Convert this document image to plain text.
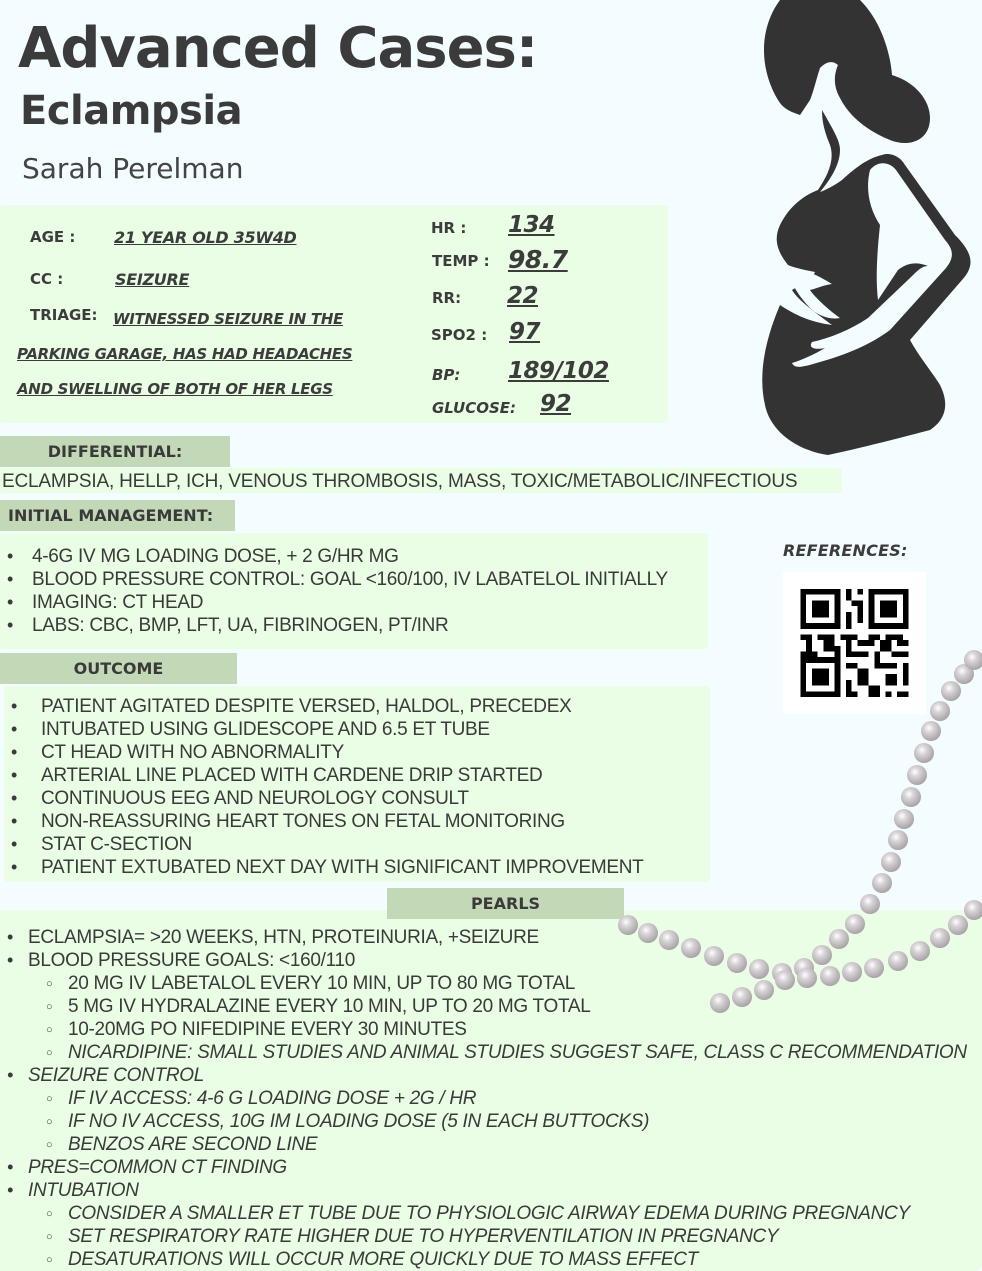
Advanced Cases:
Eclampsia
Sarah Perelman
AGE : 21 YEAR OLD 35W4D
CC :	SEIZURE
TRIAGE: WITNESSED SEIZURE IN THE
PARKING GARAGE, HAS HAD HEADACHES
AND SWELLING OF BOTH OF HER LEGS
HR : 134
TEMP : 98.7
RR: 22
SPO2 : 97
BP: 189/102
GLUCOSE: 92
DIFFERENTIAL:
ECLAMPSIA, HELLP, ICH, VENOUS THROMBOSIS, MASS, TOXIC/METABOLIC/INFECTIOUS
INITIAL MANAGEMENT:
• 4-6G IV MG LOADING DOSE, + 2 G/HR MG
• BLOOD PRESSURE CONTROL: GOAL <160/100, IV LABATELOL INITIALLY
• IMAGING: CT HEAD
• LABS: CBC, BMP, LFT, UA, FIBRINOGEN, PT/INR
OUTCOME
• PATIENT AGITATED DESPITE VERSED, HALDOL, PRECEDEX
• INTUBATED USING GLIDESCOPE AND 6.5 ET TUBE
• CT HEAD WITH NO ABNORMALITY
• ARTERIAL LINE PLACED WITH CARDENE DRIP STARTED
• CONTINUOUS EEG AND NEUROLOGY CONSULT
• NON-REASSURING HEART TONES ON FETAL MONITORING
• STAT C-SECTION
• PATIENT EXTUBATED NEXT DAY WITH SIGNIFICANT IMPROVEMENT
REFERENCES:
• ECLAMPSIA= >20 WEEKS, HTN, PROTEINURIA, +SEIZURE
• BLOOD PRESSURE GOALS: <160/110
○ 20 MG IV LABETALOL EVERY 10 MIN, UP TO 80 MG TOTAL
○ 5 MG IV HYDRALAZINE EVERY 10 MIN, UP TO 20 MG TOTAL
○ 10-20MG PO NIFEDIPINE EVERY 30 MINUTES
○ NICARDIPINE: SMALL STUDIES AND ANIMAL STUDIES SUGGEST SAFE, CLASS C RECOMMENDATION
• SEIZURE CONTROL
○ IF IV ACCESS: 4-6 G LOADING DOSE + 2G / HR
○ IF NO IV ACCESS, 10G IM LOADING DOSE (5 IN EACH BUTTOCKS)
○ BENZOS ARE SECOND LINE
• PRES=COMMON CT FINDING
• INTUBATION
○ CONSIDER A SMALLER ET TUBE DUE TO PHYSIOLOGIC AIRWAY EDEMA DURING PREGNANCY
○ SET RESPIRATORY RATE HIGHER DUE TO HYPERVENTILATION IN PREGNANCY
○ DESATURATIONS WILL OCCUR MORE QUICKLY DUE TO MASS EFFECT
PEARLS
